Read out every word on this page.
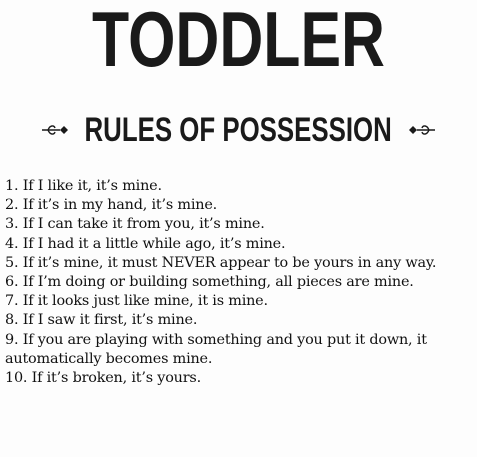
TODDLER
RULES OF POSSESSION
1. If I like it, it’s mine.
2. If it’s in my hand, it’s mine.
3. If I can take it from you, it’s mine.
4. If I had it a little while ago, it’s mine.
5. If it’s mine, it must NEVER appear to be yours in any way.
6. If I’m doing or building something, all pieces are mine.
7. If it looks just like mine, it is mine.
8. If I saw it first, it’s mine.
9. If you are playing with something and you put it down, it automatically becomes mine.
10. If it’s broken, it’s yours.
